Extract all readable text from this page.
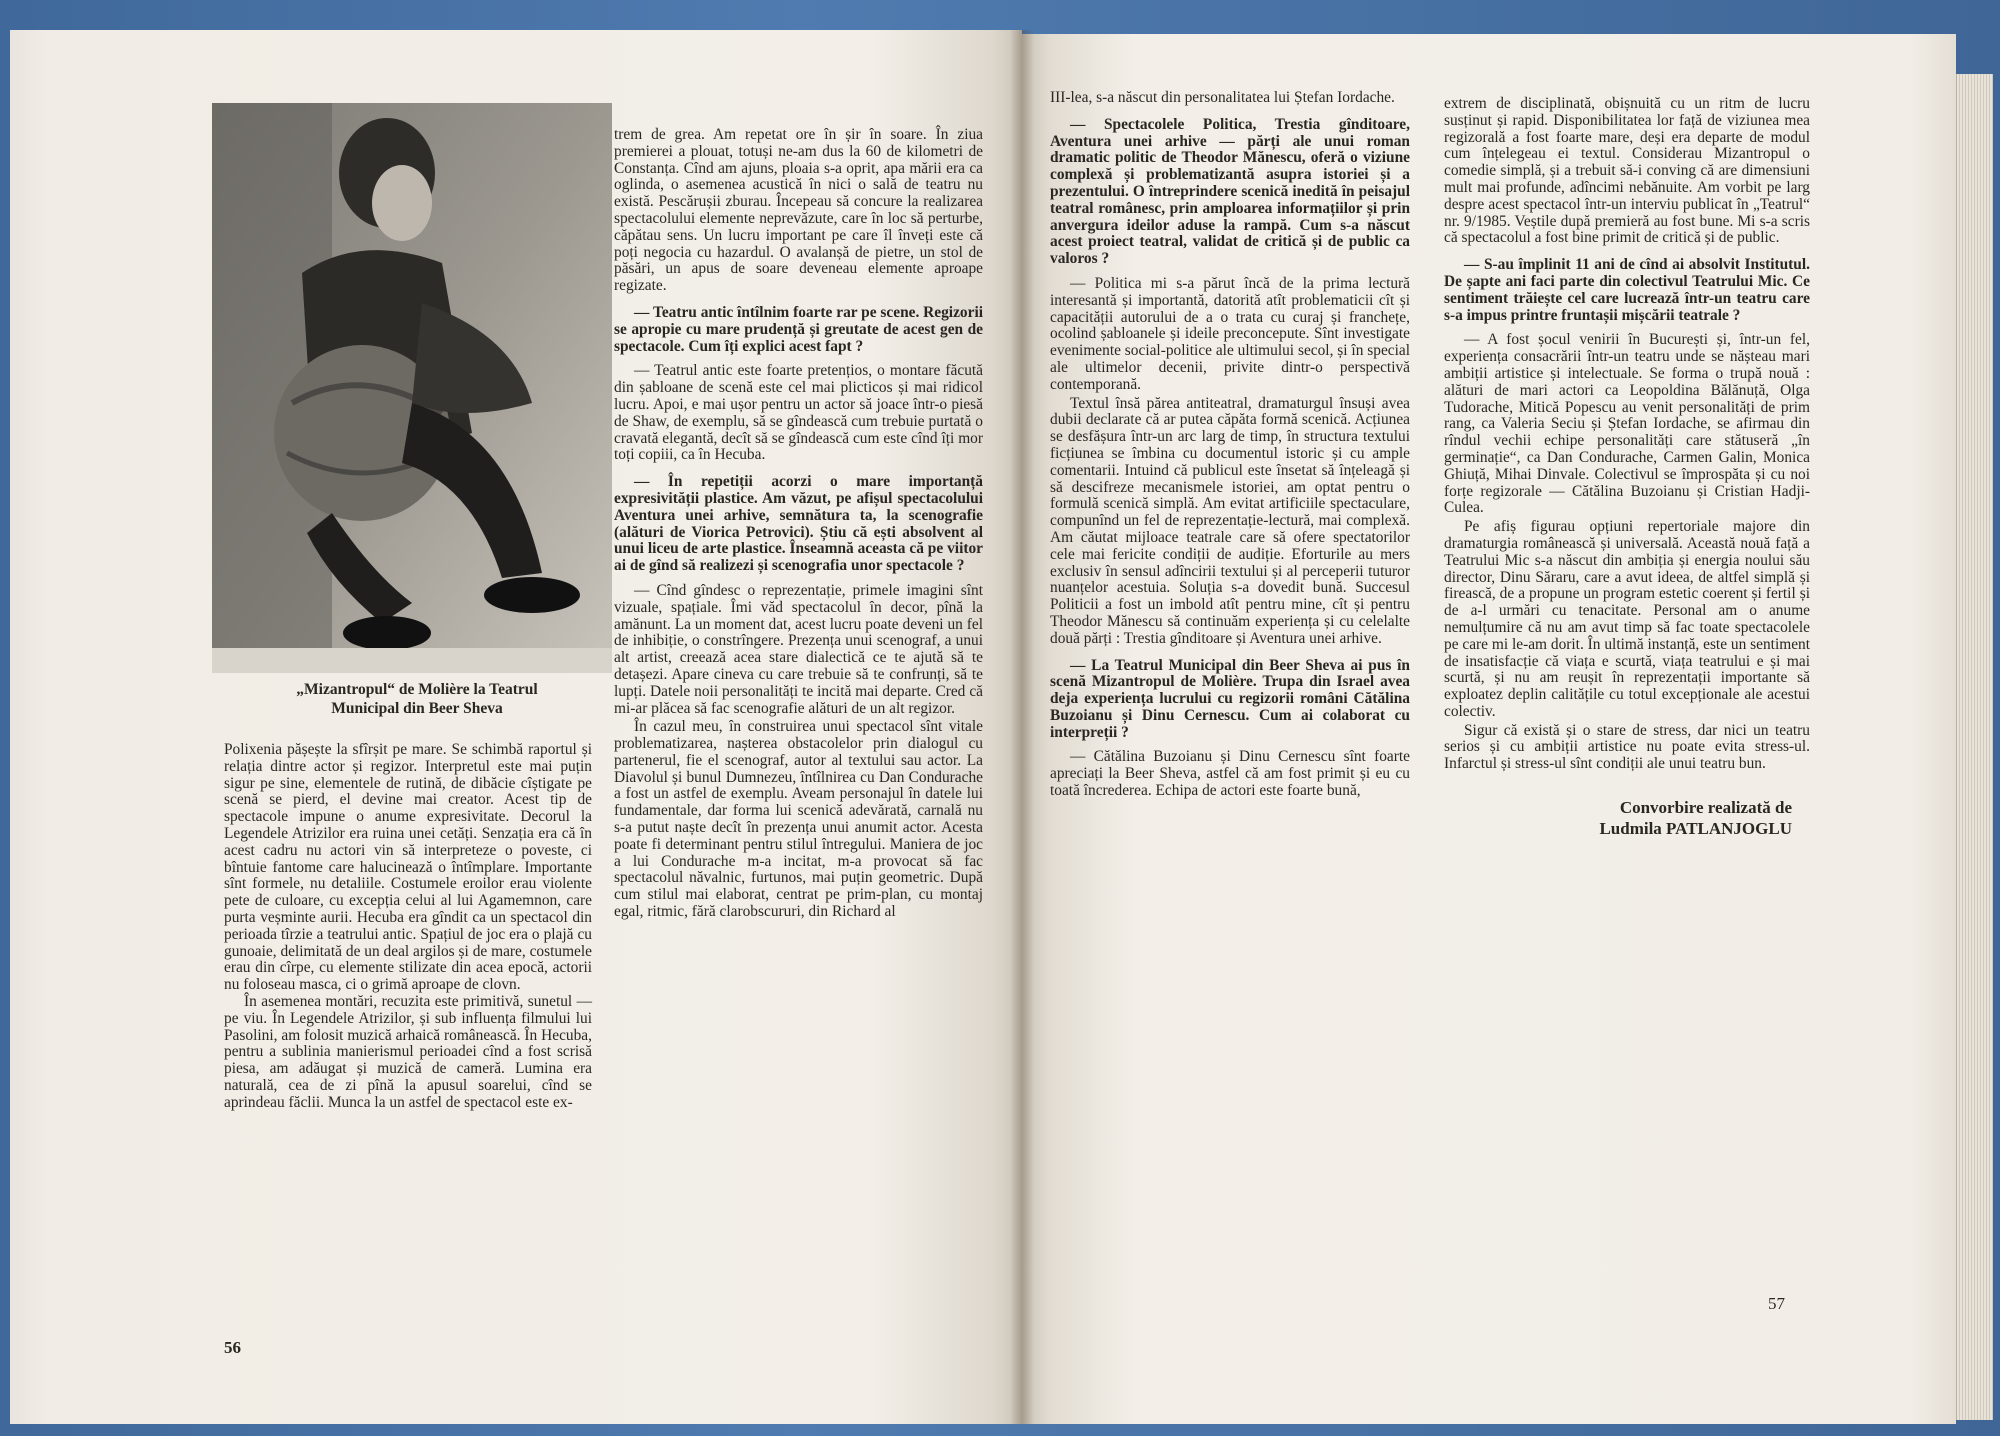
„Mizantropul“ de Molière la Teatrul Municipal din Beer Sheva

Polixenia pășește la sfîrșit pe mare. Se schimbă raportul și relația dintre actor și regizor. Interpretul este mai puțin sigur pe sine, elementele de rutină, de dibăcie cîștigate pe scenă se pierd, el devine mai creator. Acest tip de spectacole impune o anume expresivitate. Decorul la Legendele Atrizilor era ruina unei cetăți. Senzația era că în acest cadru nu actori vin să interpreteze o poveste, ci bîntuie fantome care halucinează o întîmplare. Importante sînt formele, nu detaliile. Costumele eroilor erau violente pete de culoare, cu excepția celui al lui Agamemnon, care purta veșminte aurii. Hecuba era gîndit ca un spectacol din perioada tîrzie a teatrului antic. Spațiul de joc era o plajă cu gunoaie, delimitată de un deal argilos și de mare, costumele erau din cîrpe, cu elemente stilizate din acea epocă, actorii nu foloseau masca, ci o grimă aproape de clovn.

În asemenea montări, recuzita este primitivă, sunetul — pe viu. În Legendele Atrizilor, și sub influența filmului lui Pasolini, am folosit muzică arhaică românească. În Hecuba, pentru a sublinia manierismul perioadei cînd a fost scrisă piesa, am adăugat și muzică de cameră. Lumina era naturală, cea de zi pînă la apusul soarelui, cînd se aprindeau făclii. Munca la un astfel de spectacol este ex-

trem de grea. Am repetat ore în șir în soare. În ziua premierei a plouat, totuși ne-am dus la 60 de kilometri de Constanța. Cînd am ajuns, ploaia s-a oprit, apa mării era ca oglinda, o asemenea acustică în nici o sală de teatru nu există. Pescărușii zburau. Începeau să concure la realizarea spectacolului elemente neprevăzute, care în loc să perturbe, căpătau sens. Un lucru important pe care îl înveți este că poți negocia cu hazardul. O avalanșă de pietre, un stol de păsări, un apus de soare deveneau elemente aproape regizate.

— Teatru antic întîlnim foarte rar pe scene. Regizorii se apropie cu mare prudență și greutate de acest gen de spectacole. Cum îți explici acest fapt ?

— Teatrul antic este foarte pretențios, o montare făcută din șabloane de scenă este cel mai plicticos și mai ridicol lucru. Apoi, e mai ușor pentru un actor să joace într-o piesă de Shaw, de exemplu, să se gîndească cum trebuie purtată o cravată elegantă, decît să se gîndească cum este cînd îți mor toți copiii, ca în Hecuba.

— În repetiții acorzi o mare importanță expresivității plastice. Am văzut, pe afișul spectacolului Aventura unei arhive, semnătura ta, la scenografie (alături de Viorica Petrovici). Știu că ești absolvent al unui liceu de arte plastice. Înseamnă aceasta că pe viitor ai de gînd să realizezi și scenografia unor spectacole ?

— Cînd gîndesc o reprezentație, primele imagini sînt vizuale, spațiale. Îmi văd spectacolul în decor, pînă la amănunt. La un moment dat, acest lucru poate deveni un fel de inhibiție, o constrîngere. Prezența unui scenograf, a unui alt artist, creează acea stare dialectică ce te ajută să te detașezi. Apare cineva cu care trebuie să te confrunți, să te lupți. Datele noii personalități te incită mai departe. Cred că mi-ar plăcea să fac scenografie alături de un alt regizor.

În cazul meu, în construirea unui spectacol sînt vitale problematizarea, nașterea obstacolelor prin dialogul cu partenerul, fie el scenograf, autor al textului sau actor. La Diavolul și bunul Dumnezeu, întîlnirea cu Dan Condurache a fost un astfel de exemplu. Aveam personajul în datele lui fundamentale, dar forma lui scenică adevărată, carnală nu s-a putut naște decît în prezența unui anumit actor. Acesta poate fi determinant pentru stilul întregului. Maniera de joc a lui Condurache m-a incitat, m-a provocat să fac spectacolul năvalnic, furtunos, mai puțin geometric. După cum stilul mai elaborat, centrat pe prim-plan, cu montaj egal, ritmic, fără clarobscururi, din Richard al

III-lea, s-a născut din personalitatea lui Ștefan Iordache.

— Spectacolele Politica, Trestia gînditoare, Aventura unei arhive — părți ale unui roman dramatic politic de Theodor Mănescu, oferă o viziune complexă și problematizantă asupra istoriei și a prezentului. O întreprindere scenică inedită în peisajul teatral românesc, prin amploarea informațiilor și prin anvergura ideilor aduse la rampă. Cum s-a născut acest proiect teatral, validat de critică și de public ca valoros ?

— Politica mi s-a părut încă de la prima lectură interesantă și importantă, datorită atît problematicii cît și capacității autorului de a o trata cu curaj și franchețe, ocolind șabloanele și ideile preconcepute. Sînt investigate evenimente social-politice ale ultimului secol, și în special ale ultimelor decenii, privite dintr-o perspectivă contemporană.

Textul însă părea antiteatral, dramaturgul însuși avea dubii declarate că ar putea căpăta formă scenică. Acțiunea se desfășura într-un arc larg de timp, în structura textului ficțiunea se îmbina cu documentul istoric și cu ample comentarii. Intuind că publicul este însetat să înțeleagă și să descifreze mecanismele istoriei, am optat pentru o formulă scenică simplă. Am evitat artificiile spectaculare, compunînd un fel de reprezentație-lectură, mai complexă. Am căutat mijloace teatrale care să ofere spectatorilor cele mai fericite condiții de audiție. Eforturile au mers exclusiv în sensul adîncirii textului și al perceperii tuturor nuanțelor acestuia. Soluția s-a dovedit bună. Succesul Politicii a fost un imbold atît pentru mine, cît și pentru Theodor Mănescu să continuăm experiența și cu celelalte două părți : Trestia gînditoare și Aventura unei arhive.

— La Teatrul Municipal din Beer Sheva ai pus în scenă Mizantropul de Molière. Trupa din Israel avea deja experiența lucrului cu regizorii români Cătălina Buzoianu și Dinu Cernescu. Cum ai colaborat cu interpreții ?

— Cătălina Buzoianu și Dinu Cernescu sînt foarte apreciați la Beer Sheva, astfel că am fost primit și eu cu toată încrederea. Echipa de actori este foarte bună,

extrem de disciplinată, obișnuită cu un ritm de lucru susținut și rapid. Disponibilitatea lor față de viziunea mea regizorală a fost foarte mare, deși era departe de modul cum înțelegeau ei textul. Considerau Mizantropul o comedie simplă, și a trebuit să-i conving că are dimensiuni mult mai profunde, adîncimi nebănuite. Am vorbit pe larg despre acest spectacol într-un interviu publicat în „Teatrul“ nr. 9/1985. Veștile după premieră au fost bune. Mi s-a scris că spectacolul a fost bine primit de critică și de public.

— S-au împlinit 11 ani de cînd ai absolvit Institutul. De șapte ani faci parte din colectivul Teatrului Mic. Ce sentiment trăiește cel care lucrează într-un teatru care s-a impus printre fruntașii mișcării teatrale ?

— A fost șocul venirii în București și, într-un fel, experiența consacrării într-un teatru unde se nășteau mari ambiții artistice și intelectuale. Se forma o trupă nouă : alături de mari actori ca Leopoldina Bălănuță, Olga Tudorache, Mitică Popescu au venit personalități de prim rang, ca Valeria Seciu și Ștefan Iordache, se afirmau din rîndul vechii echipe personalități care stătuseră „în germinație“, ca Dan Condurache, Carmen Galin, Monica Ghiuță, Mihai Dinvale. Colectivul se împrospăta și cu noi forțe regizorale — Cătălina Buzoianu și Cristian Hadji-Culea.

Pe afiș figurau opțiuni repertoriale majore din dramaturgia românească și universală. Această nouă față a Teatrului Mic s-a născut din ambiția și energia noului său director, Dinu Săraru, care a avut ideea, de altfel simplă și firească, de a propune un program estetic coerent și fertil și de a-l urmări cu tenacitate. Personal am o anume nemulțumire că nu am avut timp să fac toate spectacolele pe care mi le-am dorit. În ultimă instanță, este un sentiment de insatisfacție că viața e scurtă, viața teatrului e și mai scurtă, și nu am reușit în reprezentații importante să exploatez deplin calitățile cu totul excepționale ale acestui colectiv.

Sigur că există și o stare de stress, dar nici un teatru serios și cu ambiții artistice nu poate evita stress-ul. Infarctul și stress-ul sînt condiții ale unui teatru bun.

Convorbire realizată de
Ludmila PATLANJOGLU

56
57
